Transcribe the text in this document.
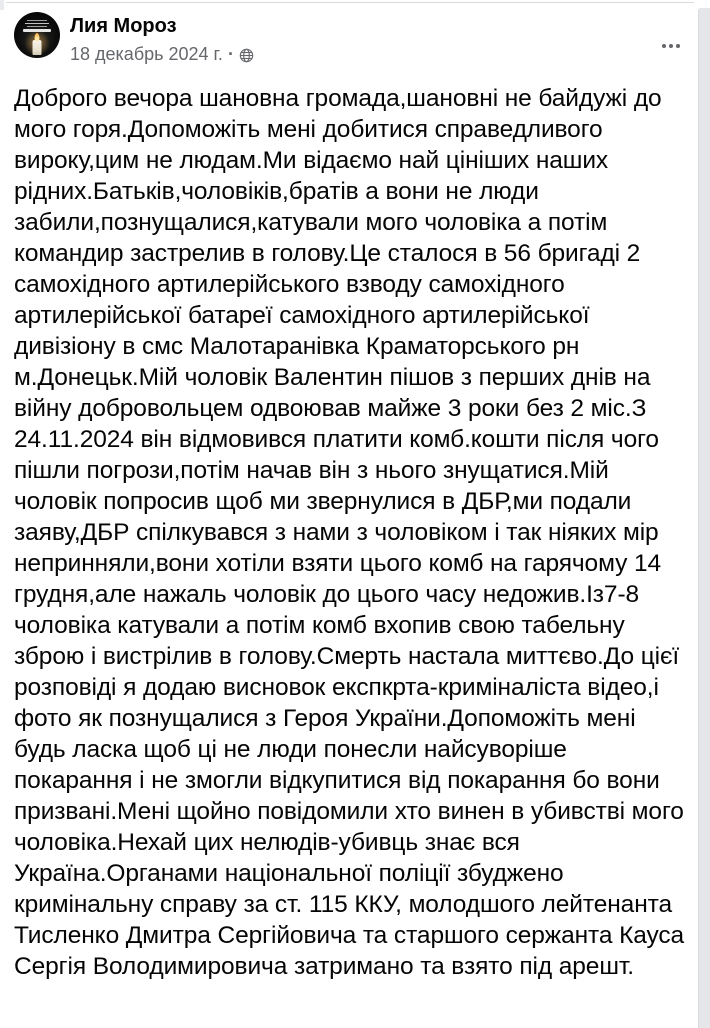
Лия Мороз
18 декабрь 2024 г. ·
Доброго вечора шановна громада,шановні не байдужі до мого горя.Допоможіть мені добитися справедливого вироку,цим не людам.Ми відаємо най цініших наших рідних.Батьків,чоловіків,братів а вони не люди забили,познущалися,катували мого чоловіка а потім командир застрелив в голову.Це сталося в 56 бригаді 2 самохідного артилерійського взводу самохідного артилерійської батареї самохідного артилерійської дивізіону в смс Малотаранівка Краматорського рн м.Донецьк.Мій чоловік Валентин пішов з перших днів на війну добровольцем одвоював майже 3 роки без 2 міс.З 24.11.2024 він відмовився платити комб.кошти після чого пішли погрози,потім начав він з нього знущатися.Мій чоловік попросив щоб ми звернулися в ДБР,ми подали заяву,ДБР спілкувався з нами з чоловіком і так ніяких мір непринняли,вони хотіли взяти цього комб на гарячому 14 грудня,але нажаль чоловік до цього часу недожив.Із7-8 чоловіка катували а потім комб вхопив свою табельну зброю і вистрілив в голову.Смерть настала миттєво.До цієї розповіді я додаю висновок експкрта-криміналіста відео,і фото як познущалися з Героя України.Допоможіть мені будь ласка щоб ці не люди понесли найсуворіше покарання і не змогли відкупитися від покарання бо вони призвані.Мені щойно повідомили хто винен в убивстві мого чоловіка.Нехай цих нелюдів-убивць знає вся Україна.Органами національної поліції збуджено кримінальну справу за ст. 115 ККУ, молодшого лейтенанта Тисленко Дмитра Сергійовича та старшого сержанта Кауса Сергія Володимировича затримано та взято під арешт.
